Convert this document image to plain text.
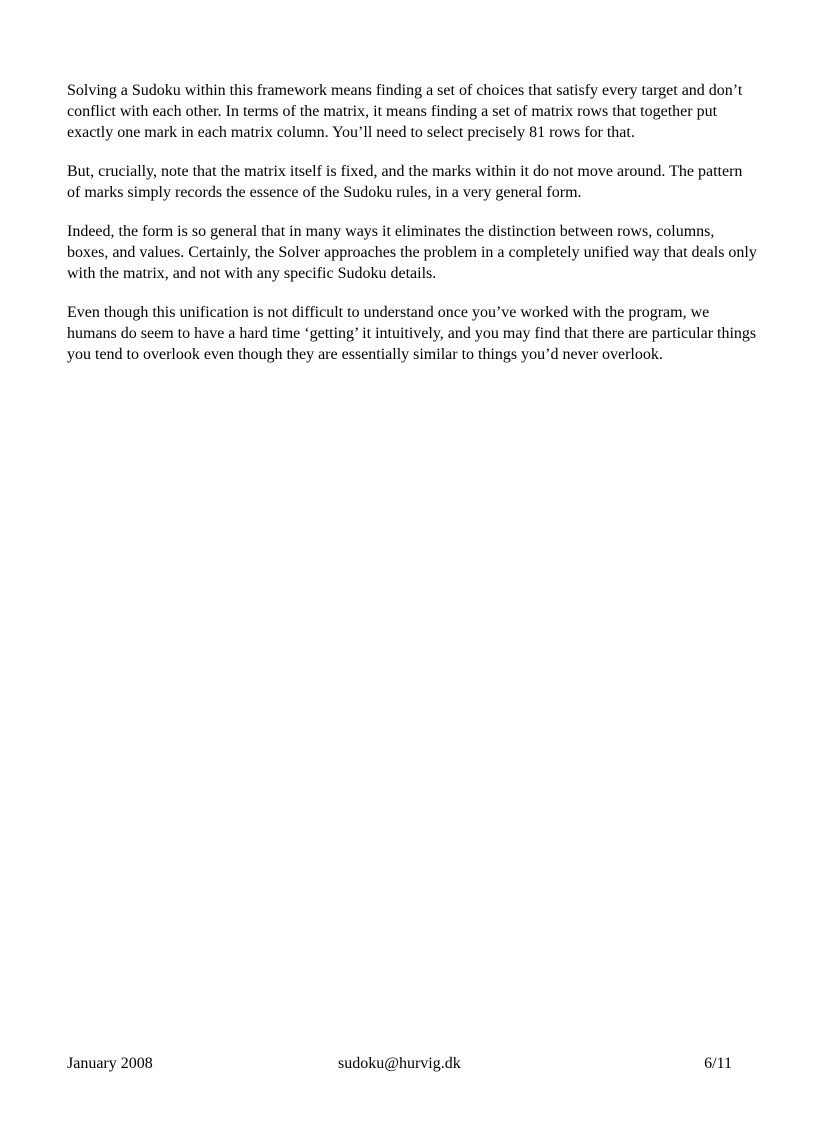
Solving a Sudoku within this framework means finding a set of choices that satisfy every target and don’t conflict with each other. In terms of the matrix, it means finding a set of matrix rows that together put exactly one mark in each matrix column. You’ll need to select precisely 81 rows for that.

But, crucially, note that the matrix itself is fixed, and the marks within it do not move around. The pattern of marks simply records the essence of the Sudoku rules, in a very general form.

Indeed, the form is so general that in many ways it eliminates the distinction between rows, columns, boxes, and values. Certainly, the Solver approaches the problem in a completely unified way that deals only with the matrix, and not with any specific Sudoku details.

Even though this unification is not difficult to understand once you’ve worked with the program, we humans do seem to have a hard time ‘getting’ it intuitively, and you may find that there are particular things you tend to overlook even though they are essentially similar to things you’d never overlook.

January 2008	sudoku@hurvig.dk	6/11
